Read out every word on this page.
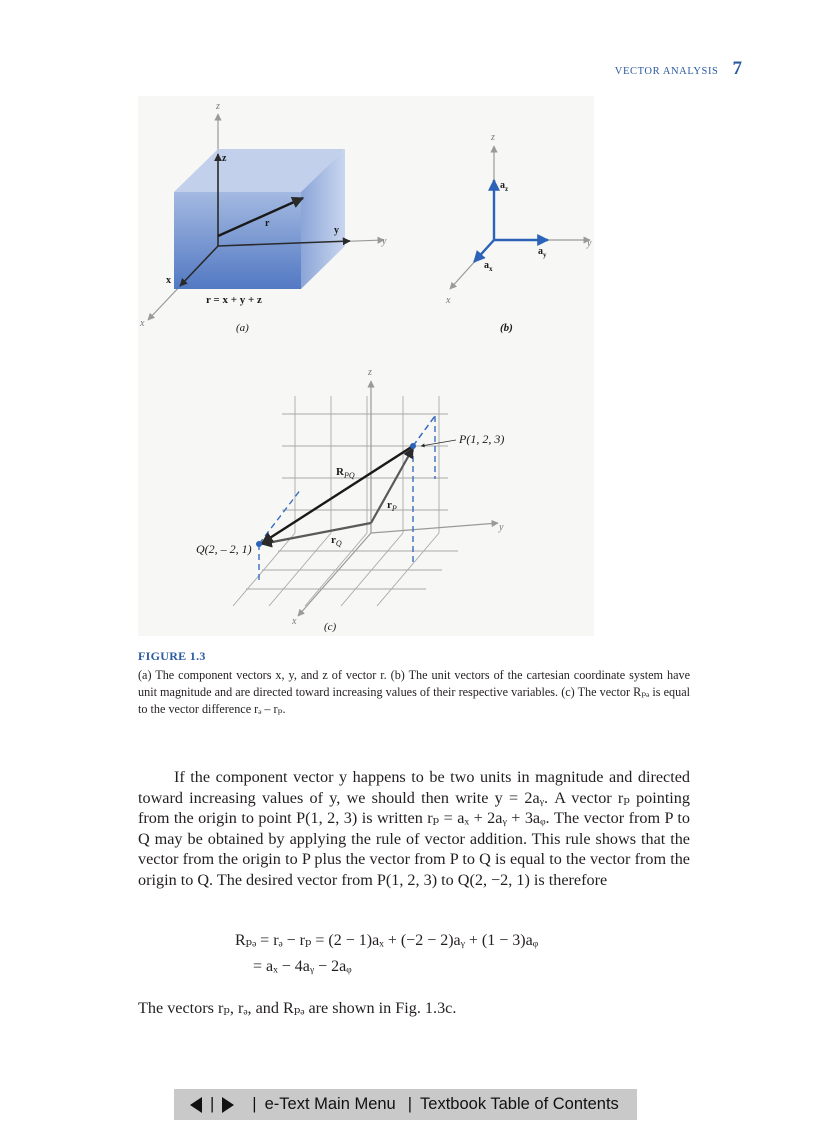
VECTOR ANALYSIS 7
z
y
x
z
y
x
r
r = x + y + z
(a)
z
y
x
$a_z$
$a_y$
$a_x$
(b)
z
y
x
P(1, 2, 3)
Q(2, – 2, 1)
$R_{PQ}$
$r_P$
$r_Q$
(c)
FIGURE 1.3

(a) The component vectors x, y, and z of vector r. (b) The unit vectors of the cartesian coordinate system have unit magnitude and are directed toward increasing values of their respective variables. (c) The vector Rₚₔ is equal to the vector difference rₔ – rₚ.

If the component vector y happens to be two units in magnitude and directed toward increasing values of y, we should then write y = 2aᵧ. A vector rₚ pointing from the origin to point P(1, 2, 3) is written rₚ = aₓ + 2aᵧ + 3aᵩ. The vector from P to Q may be obtained by applying the rule of vector addition. This rule shows that the vector from the origin to P plus the vector from P to Q is equal to the vector from the origin to Q. The desired vector from P(1, 2, 3) to Q(2, −2, 1) is therefore

Rₚₔ = rₔ − rₚ = (2 − 1)aₓ + (−2 − 2)aᵧ + (1 − 3)aᵩ
= aₓ − 4aᵧ − 2aᵩ
The vectors rₚ, rₔ, and Rₚₔ are shown in Fig. 1.3c.
| | e-Text Main Menu | Textbook Table of Contents
